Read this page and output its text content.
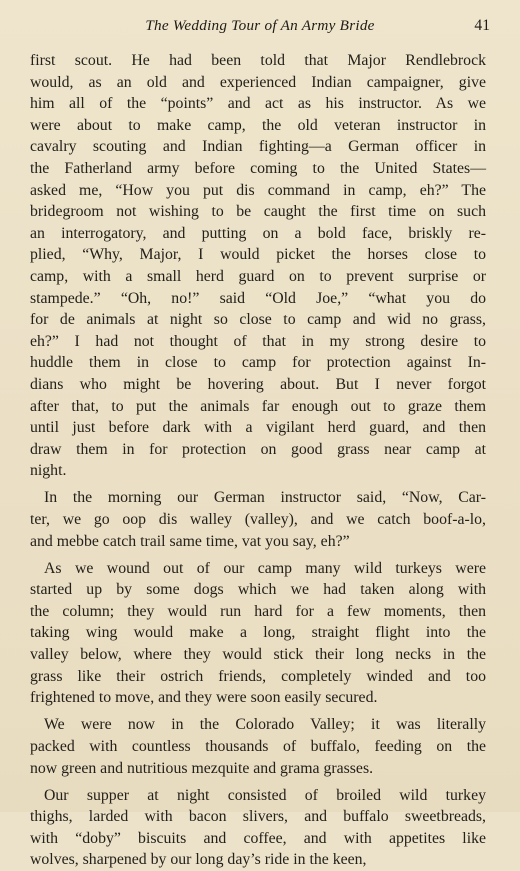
The Wedding Tour of An Army Bride	41
first scout. He had been told that Major Rendlebrock
would, as an old and experienced Indian campaigner, give
him all of the “points” and act as his instructor. As we
were about to make camp, the old veteran instructor in
cavalry scouting and Indian fighting—a German officer in
the Fatherland army before coming to the United States—
asked me, “How you put dis command in camp, eh?” The
bridegroom not wishing to be caught the first time on such
an interrogatory, and putting on a bold face, briskly re-
plied, “Why, Major, I would picket the horses close to
camp, with a small herd guard on to prevent surprise or
stampede.” “Oh, no!” said “Old Joe,” “what you do
for de animals at night so close to camp and wid no grass,
eh?” I had not thought of that in my strong desire to
huddle them in close to camp for protection against In-
dians who might be hovering about. But I never forgot
after that, to put the animals far enough out to graze them
until just before dark with a vigilant herd guard, and then
draw them in for protection on good grass near camp at
night.
In the morning our German instructor said, “Now, Car-
ter, we go oop dis walley (valley), and we catch boof-a-lo,
and mebbe catch trail same time, vat you say, eh?”
As we wound out of our camp many wild turkeys were
started up by some dogs which we had taken along with
the column; they would run hard for a few moments, then
taking wing would make a long, straight flight into the
valley below, where they would stick their long necks in the
grass like their ostrich friends, completely winded and too
frightened to move, and they were soon easily secured.
We were now in the Colorado Valley; it was literally
packed with countless thousands of buffalo, feeding on the
now green and nutritious mezquite and grama grasses.
Our supper at night consisted of broiled wild turkey
thighs, larded with bacon slivers, and buffalo sweetbreads,
with “doby” biscuits and coffee, and with appetites like
wolves, sharpened by our long day’s ride in the keen,
